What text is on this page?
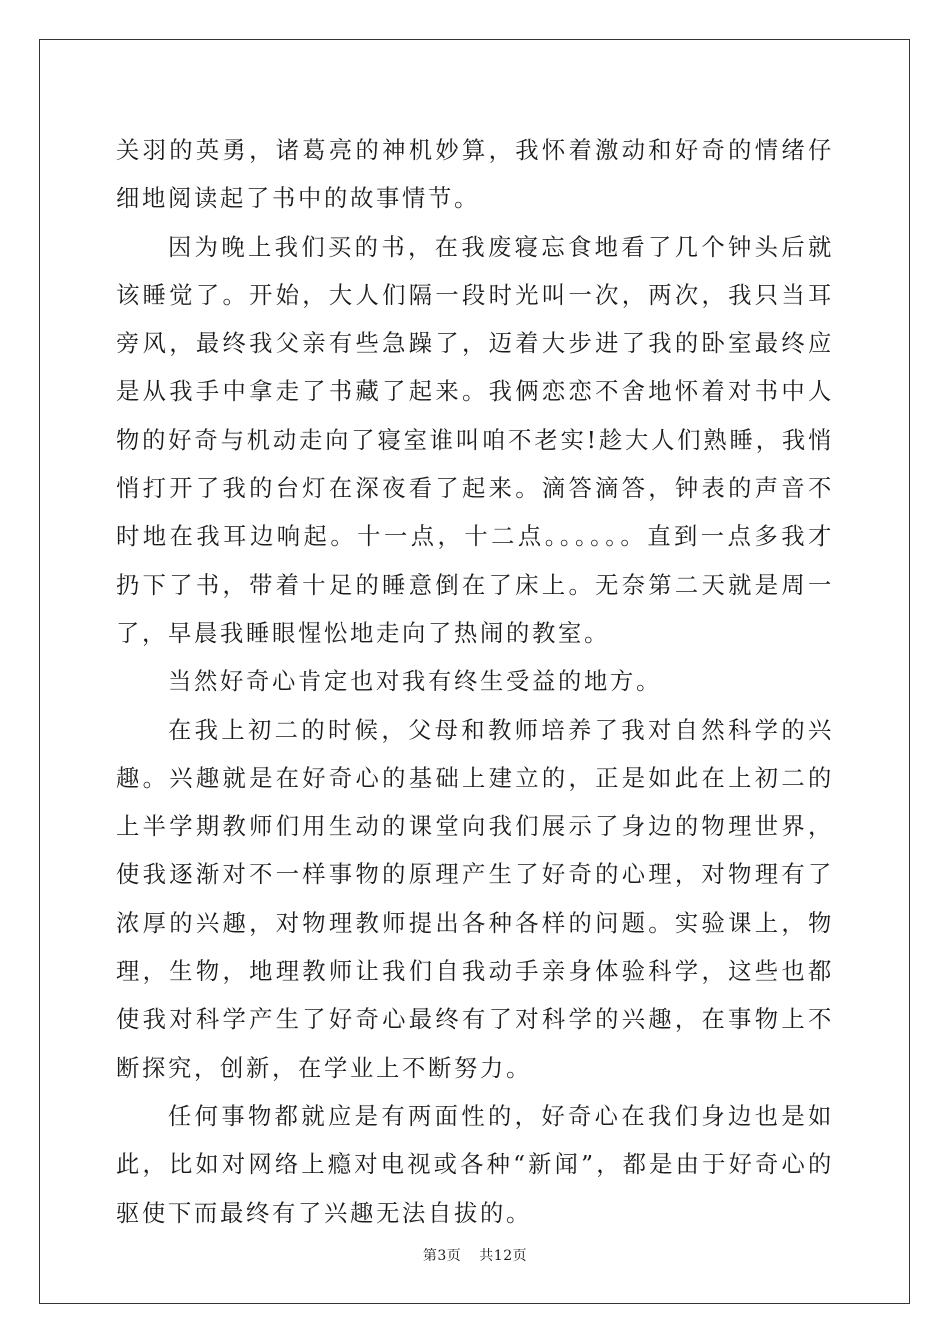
关羽的英勇，诸葛亮的神机妙算，我怀着激动和好奇的情绪仔细地阅读起了书中的故事情节。

因为晚上我们买的书，在我废寝忘食地看了几个钟头后就该睡觉了。开始，大人们隔一段时光叫一次，两次，我只当耳旁风，最终我父亲有些急躁了，迈着大步进了我的卧室最终应是从我手中拿走了书藏了起来。我俩恋恋不舍地怀着对书中人物的好奇与机动走向了寝室谁叫咱不老实!趁大人们熟睡，我悄悄打开了我的台灯在深夜看了起来。滴答滴答，钟表的声音不时地在我耳边响起。十一点，十二点。。。。。。直到一点多我才扔下了书，带着十足的睡意倒在了床上。无奈第二天就是周一了，早晨我睡眼惺忪地走向了热闹的教室。

当然好奇心肯定也对我有终生受益的地方。

在我上初二的时候，父母和教师培养了我对自然科学的兴趣。兴趣就是在好奇心的基础上建立的，正是如此在上初二的上半学期教师们用生动的课堂向我们展示了身边的物理世界，使我逐渐对不一样事物的原理产生了好奇的心理，对物理有了浓厚的兴趣，对物理教师提出各种各样的问题。实验课上，物理，生物，地理教师让我们自我动手亲身体验科学，这些也都使我对科学产生了好奇心最终有了对科学的兴趣，在事物上不断探究，创新，在学业上不断努力。

任何事物都就应是有两面性的，好奇心在我们身边也是如此，比如对网络上瘾对电视或各种“新闻”，都是由于好奇心的驱使下而最终有了兴趣无法自拔的。

第3页 共12页
